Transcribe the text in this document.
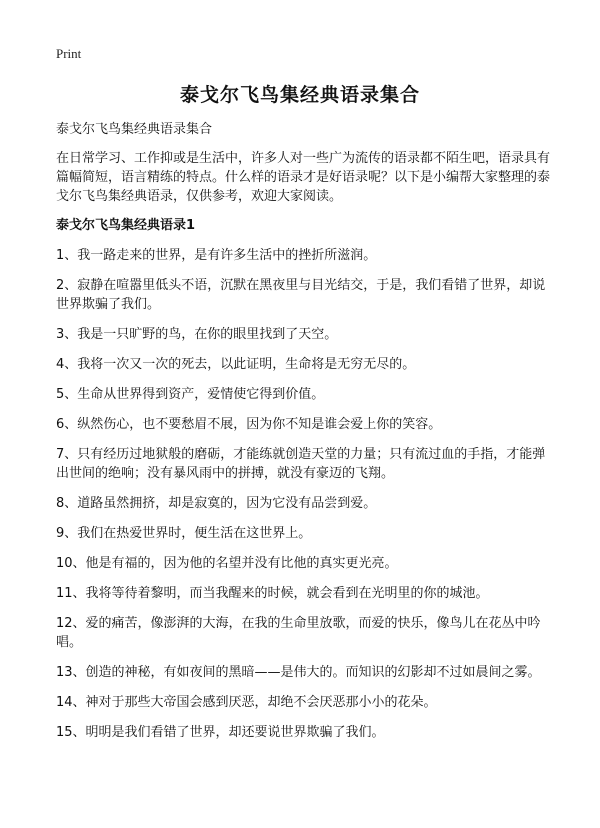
Print
泰戈尔飞鸟集经典语录集合

泰戈尔飞鸟集经典语录集合

在日常学习、工作抑或是生活中，许多人对一些广为流传的语录都不陌生吧，语录具有篇幅简短，语言精练的特点。什么样的语录才是好语录呢？以下是小编帮大家整理的泰戈尔飞鸟集经典语录，仅供参考，欢迎大家阅读。

泰戈尔飞鸟集经典语录1

1、我一路走来的世界，是有许多生活中的挫折所滋润。

2、寂静在喧嚣里低头不语，沉默在黑夜里与目光结交，于是，我们看错了世界，却说世界欺骗了我们。

3、我是一只旷野的鸟，在你的眼里找到了天空。

4、我将一次又一次的死去，以此证明，生命将是无穷无尽的。

5、生命从世界得到资产，爱情使它得到价值。

6、纵然伤心，也不要愁眉不展，因为你不知是谁会爱上你的笑容。

7、只有经历过地狱般的磨砺，才能练就创造天堂的力量；只有流过血的手指，才能弹出世间的绝响；没有暴风雨中的拼搏，就没有豪迈的飞翔。

8、道路虽然拥挤，却是寂寞的，因为它没有品尝到爱。

9、我们在热爱世界时，便生活在这世界上。

10、他是有福的，因为他的名望并没有比他的真实更光亮。

11、我将等待着黎明，而当我醒来的时候，就会看到在光明里的你的城池。

12、爱的痛苦，像澎湃的大海，在我的生命里放歌，而爱的快乐，像鸟儿在花丛中吟唱。

13、创造的神秘，有如夜间的黑暗——是伟大的。而知识的幻影却不过如晨间之雾。

14、神对于那些大帝国会感到厌恶，却绝不会厌恶那小小的花朵。

15、明明是我们看错了世界，却还要说世界欺骗了我们。
